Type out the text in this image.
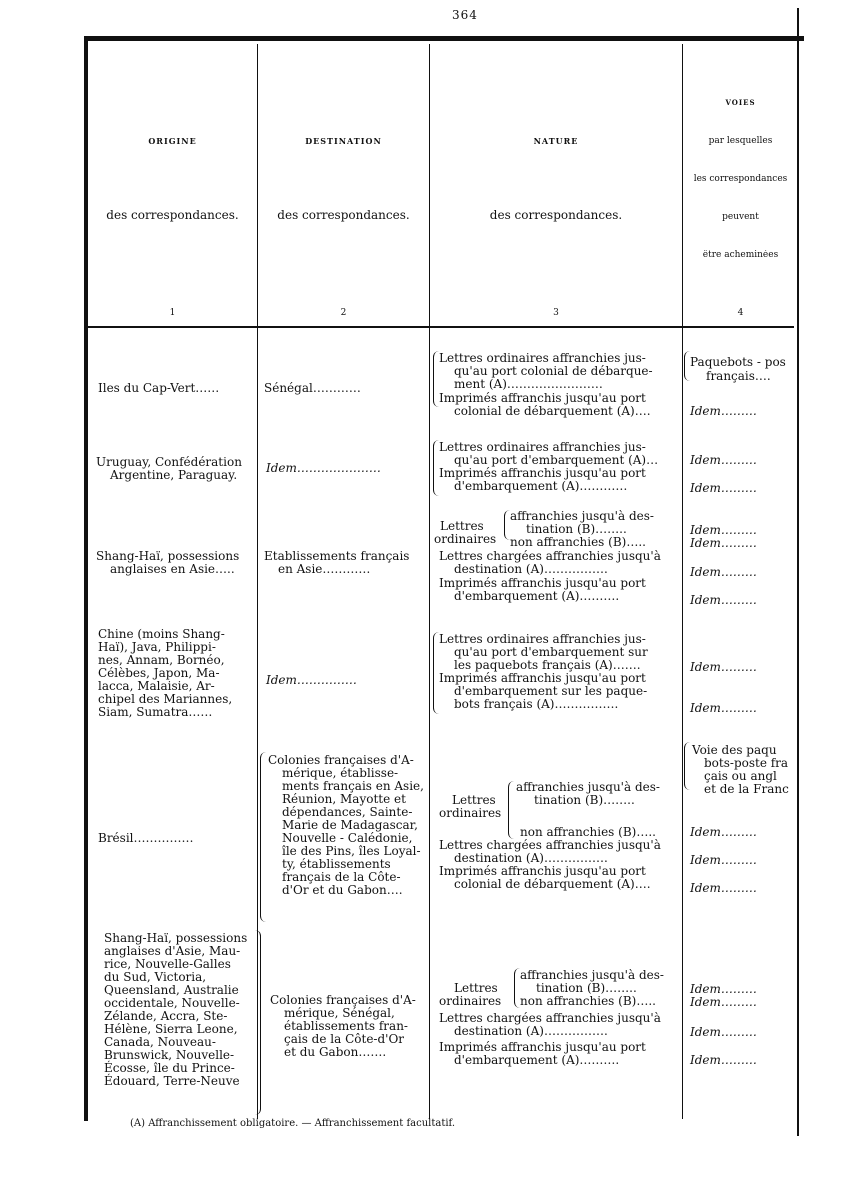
364
ORIGINE
des correspondances.
1
DESTINATION
des correspondances.
2
NATURE
des correspondances.
3
VOIES
par lesquelles
les correspondances
peuvent
être acheminées
4
Iles du Cap-Vert……	Sénégal…………
Lettres ordinaires affranchies jus-
qu'au port colonial de débarque-
ment (A)……………………
Imprimés affranchis jusqu'au port
colonial de débarquement (A)….
Paquebots - pos
français….
Idem………
Uruguay, Confédération
Argentine, Paraguay. Idem…………………
Lettres ordinaires affranchies jus-
qu'au port d'embarquement (A)…
Imprimés affranchis jusqu'au port
d'embarquement (A)…………
Idem………
Idem………
Shang-Haï, possessions
anglaises en Asie…..
Etablissements français
en Asie…………
Lettres
ordinaires
affranchies jusqu'à des-
tination (B)……..
non affranchies (B)…..
Lettres chargées affranchies jusqu'à
destination (A)…………….
Imprimés affranchis jusqu'au port
d'embarquement (A)……….
Idem………
Idem………
Idem………
Idem………
Chine (moins Shang-
Haï), Java, Philippi-
nes, Annam, Bornéo,
Célèbes, Japon, Ma-
lacca, Malaisie, Ar-
chipel des Mariannes,
Siam, Sumatra……
Idem……………
Lettres ordinaires affranchies jus-
qu'au port d'embarquement sur
les paquebots français (A)…….
Imprimés affranchis jusqu'au port
d'embarquement sur les paque-
bots français (A)…………….
Idem………
Idem………
Brésil……………
Colonies françaises d'A-
mérique, établisse-
ments français en Asie,
Réunion, Mayotte et
dépendances, Sainte-
Marie de Madagascar,
Nouvelle - Calédonie,
île des Pins, îles Loyal-
ty, établissements
français de la Côte-
d'Or et du Gabon….
Lettres
ordinaires
affranchies jusqu'à des-
tination (B)……..
non affranchies (B)…..
Lettres chargées affranchies jusqu'à
destination (A)…………….
Imprimés affranchis jusqu'au port
colonial de débarquement (A)….
Voie des paqu
bots-poste fra
çais ou angl
et de la Franc
Idem………
Idem………
Idem………
Shang-Haï, possessions
anglaises d'Asie, Mau-
rice, Nouvelle-Galles
du Sud, Victoria,
Queensland, Australie
occidentale, Nouvelle-
Zélande, Accra, Ste-
Hélène, Sierra Leone,
Canada, Nouveau-
Brunswick, Nouvelle-
Écosse, île du Prince-
Édouard, Terre-Neuve
Colonies françaises d'A-
mérique, Sénégal,
établissements fran-
çais de la Côte-d'Or
et du Gabon…….
Lettres
ordinaires
affranchies jusqu'à des-
tination (B)……..
non affranchies (B)…..
Lettres chargées affranchies jusqu'à
destination (A)…………….
Imprimés affranchis jusqu'au port
d'embarquement (A)……….
Idem………
Idem………
Idem………
Idem………
(A) Affranchissement obligatoire. — Affranchissement facultatif.
